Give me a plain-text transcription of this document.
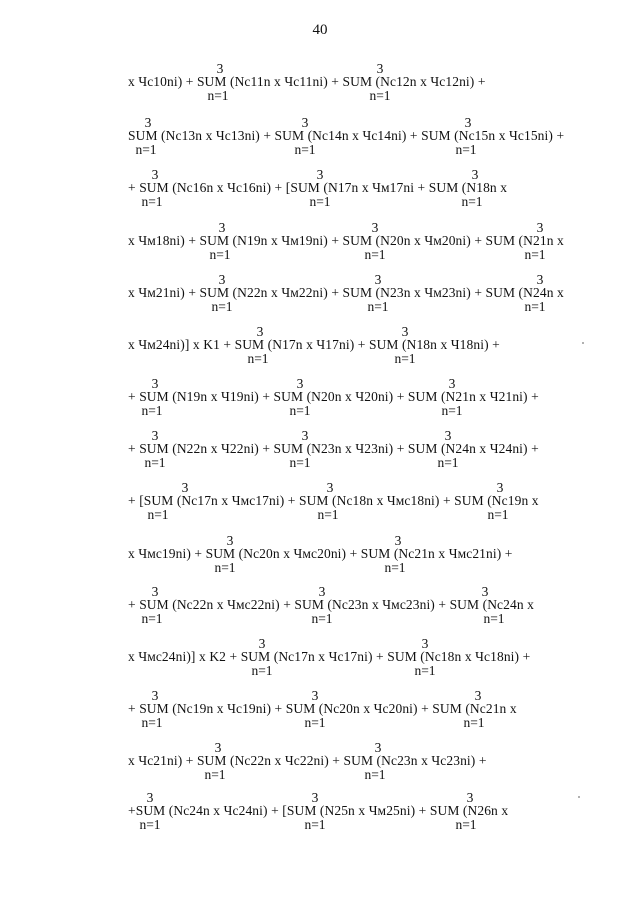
40
x Чс10ni) + SUM (Nc11n x Чс11ni) + SUM (Nc12n x Чс12ni) +
3	3
n=1	n=1
SUM (Nc13n x Чс13ni) + SUM (Nc14n x Чс14ni) + SUM (Nc15n x Чс15ni) +
3	3	3
n=1	n=1	n=1
+ SUM (Nc16n x Чс16ni) + [SUM (N17n x Чм17ni + SUM (N18n x
3	3	3
n=1	n=1	n=1
x Чм18ni) + SUM (N19n x Чм19ni) + SUM (N20n x Чм20ni) + SUM (N21n x
3	3	3
n=1	n=1	n=1
x Чм21ni) + SUM (N22n x Чм22ni) + SUM (N23n x Чм23ni) + SUM (N24n x
3	3	3
n=1	n=1	n=1
x Чм24ni)] x K1 + SUM (N17n x Ч17ni) + SUM (N18n x Ч18ni) +
3	3
n=1	n=1
+ SUM (N19n x Ч19ni) + SUM (N20n x Ч20ni) + SUM (N21n x Ч21ni) +
3	3	3
n=1	n=1	n=1
+ SUM (N22n x Ч22ni) + SUM (N23n x Ч23ni) + SUM (N24n x Ч24ni) +
3	3	3
n=1	n=1	n=1
+ [SUM (Nc17n x Чмс17ni) + SUM (Nc18n x Чмс18ni) + SUM (Nc19n x
3	3	3
n=1	n=1	n=1
x Чмс19ni) + SUM (Nc20n x Чмс20ni) + SUM (Nc21n x Чмс21ni) +
3	3
n=1	n=1
+ SUM (Nc22n x Чмс22ni) + SUM (Nc23n x Чмс23ni) + SUM (Nc24n x
3	3	3
n=1	n=1	n=1
x Чмс24ni)] x K2 + SUM (Nc17n x Чс17ni) + SUM (Nc18n x Чс18ni) +
3	3
n=1	n=1
+ SUM (Nc19n x Чс19ni) + SUM (Nc20n x Чс20ni) + SUM (Nc21n x
3	3	3
n=1	n=1	n=1
x Чс21ni) + SUM (Nc22n x Чс22ni) + SUM (Nc23n x Чс23ni) +
3	3
n=1	n=1
+SUM (Nc24n x Чс24ni) + [SUM (N25n x Чм25ni) + SUM (N26n x
3	3	3
n=1	n=1	n=1
